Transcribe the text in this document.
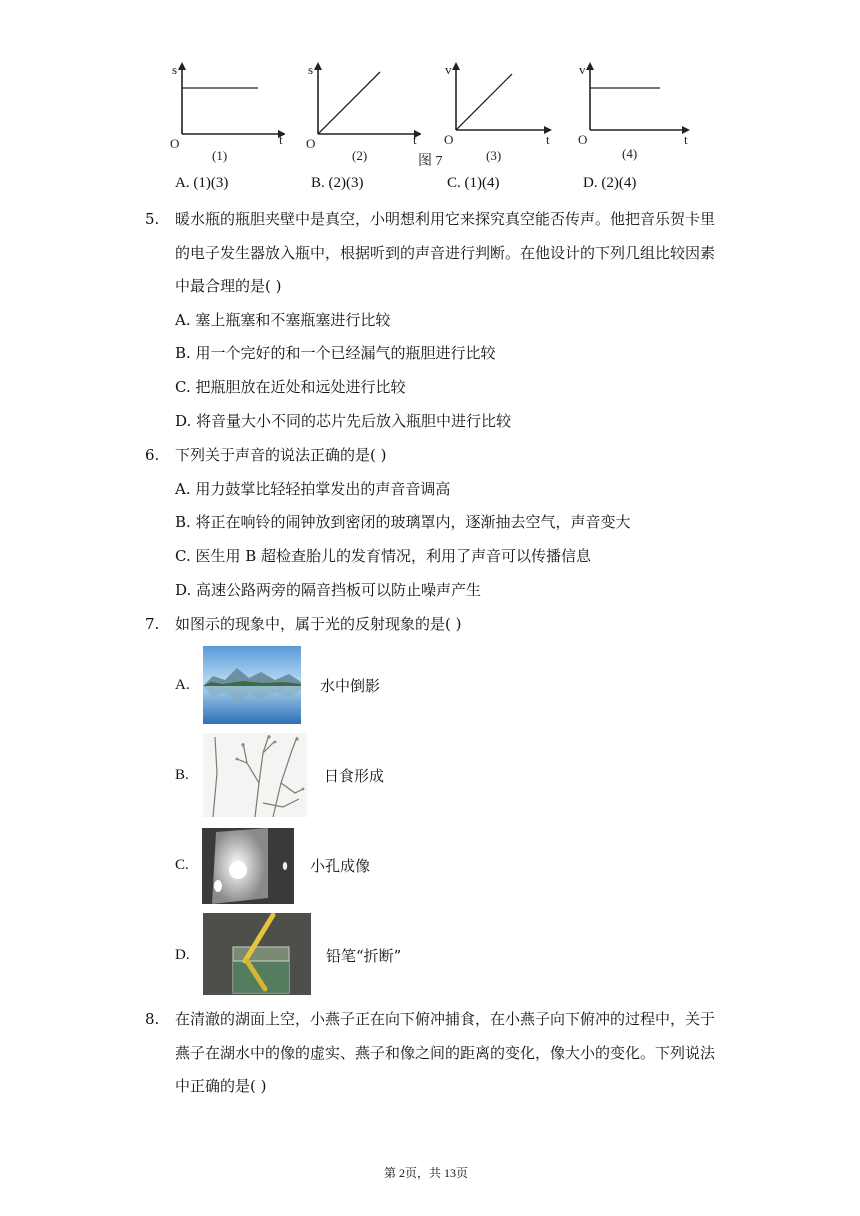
s
t
O
(1)
s
t
O
(2)
v
t
O
(3)
v
t
O
(4)
图 7
A. (1)(3)	B. (2)(3)	C. (1)(4)	D. (2)(4)
5. 暖水瓶的瓶胆夹壁中是真空，小明想利用它来探究真空能否传声。他把音乐贺卡里
的电子发生器放入瓶中，根据听到的声音进行判断。在他设计的下列几组比较因素
中最合理的是( )
A. 塞上瓶塞和不塞瓶塞进行比较
B. 用一个完好的和一个已经漏气的瓶胆进行比较
C. 把瓶胆放在近处和远处进行比较
D. 将音量大小不同的芯片先后放入瓶胆中进行比较
6. 下列关于声音的说法正确的是( )
A. 用力鼓掌比轻轻拍掌发出的声音音调高
B. 将正在响铃的闹钟放到密闭的玻璃罩内，逐渐抽去空气，声音变大
C. 医生用 B 超检查胎儿的发育情况，利用了声音可以传播信息
D. 高速公路两旁的隔音挡板可以防止噪声产生
7. 如图示的现象中，属于光的反射现象的是( )
A.	水中倒影
B.	日食形成
C.	小孔成像
D.	铅笔“折断”
8. 在清澈的湖面上空，小燕子正在向下俯冲捕食，在小燕子向下俯冲的过程中，关于
燕子在湖水中的像的虚实、燕子和像之间的距离的变化，像大小的变化。下列说法
中正确的是( )
第 2页，共 13页
